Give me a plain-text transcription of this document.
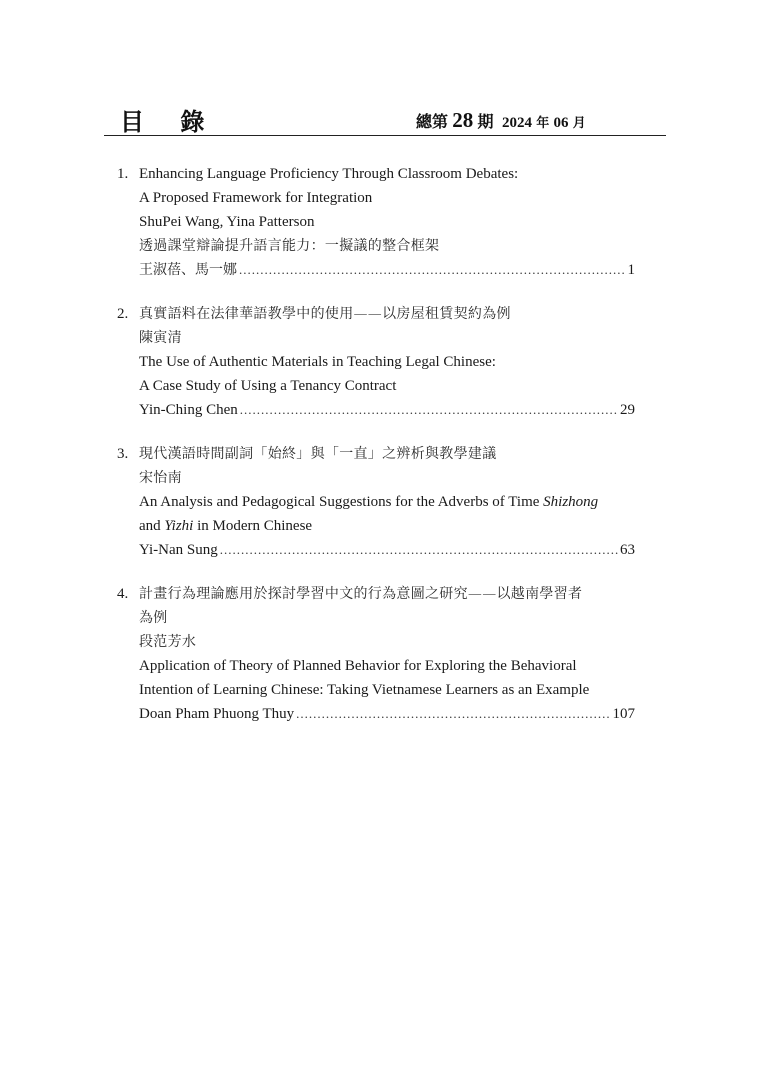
目 錄	總第 28 期 2024 年 06 月
1. Enhancing Language Proficiency Through Classroom Debates:
A Proposed Framework for Integration
ShuPei Wang, Yina Patterson
透過課堂辯論提升語言能力：一擬議的整合框架
王淑蓓、馬一娜 .....	1
2. 真實語料在法律華語教學中的使用——以房屋租賃契約為例
陳寅清
The Use of Authentic Materials in Teaching Legal Chinese:
A Case Study of Using a Tenancy Contract
Yin-Ching Chen .....	29
3. 現代漢語時間副詞「始終」與「一直」之辨析與教學建議
宋怡南
An Analysis and Pedagogical Suggestions for the Adverbs of Time Shizhong
and Yizhi in Modern Chinese
Yi-Nan Sung .....	63
4. 計畫行為理論應用於探討學習中文的行為意圖之研究——以越南學習者
為例
段范芳水
Application of Theory of Planned Behavior for Exploring the Behavioral
Intention of Learning Chinese: Taking Vietnamese Learners as an Example
Doan Pham Phuong Thuy .....	107
